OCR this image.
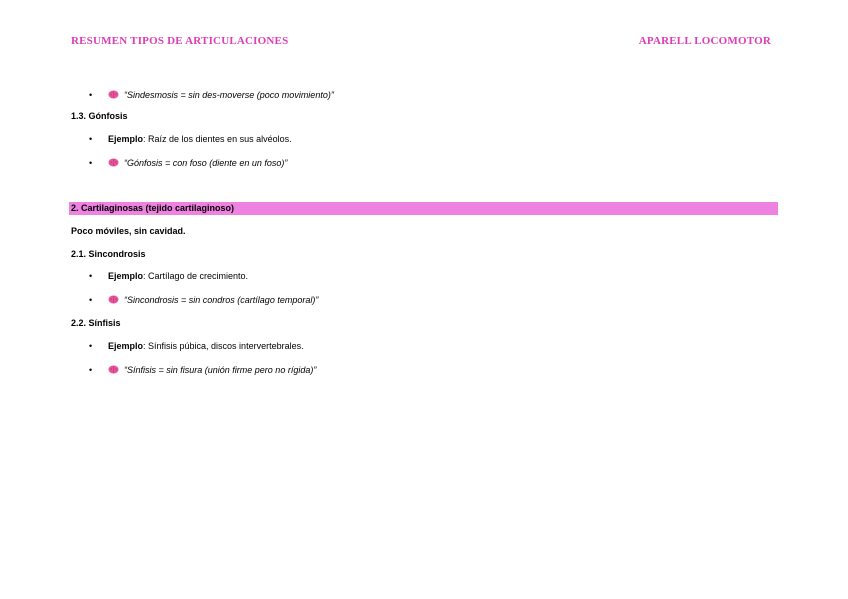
RESUMEN TIPOS DE ARTICULACIONES	APARELL LOCOMOTOR
•	“Sindesmosis = sin des-moverse (poco movimiento)”
1.3. Gónfosis
• Ejemplo: Raíz de los dientes en sus alvéolos.
•	“Gónfosis = con foso (diente en un foso)”
2. Cartilaginosas (tejido cartilaginoso)
Poco móviles, sin cavidad.
2.1. Sincondrosis
• Ejemplo: Cartílago de crecimiento.
•	“Sincondrosis = sin condros (cartílago temporal)”
2.2. Sínfisis
• Ejemplo: Sínfisis púbica, discos intervertebrales.
•	“Sínfisis = sin fisura (unión firme pero no rígida)”
